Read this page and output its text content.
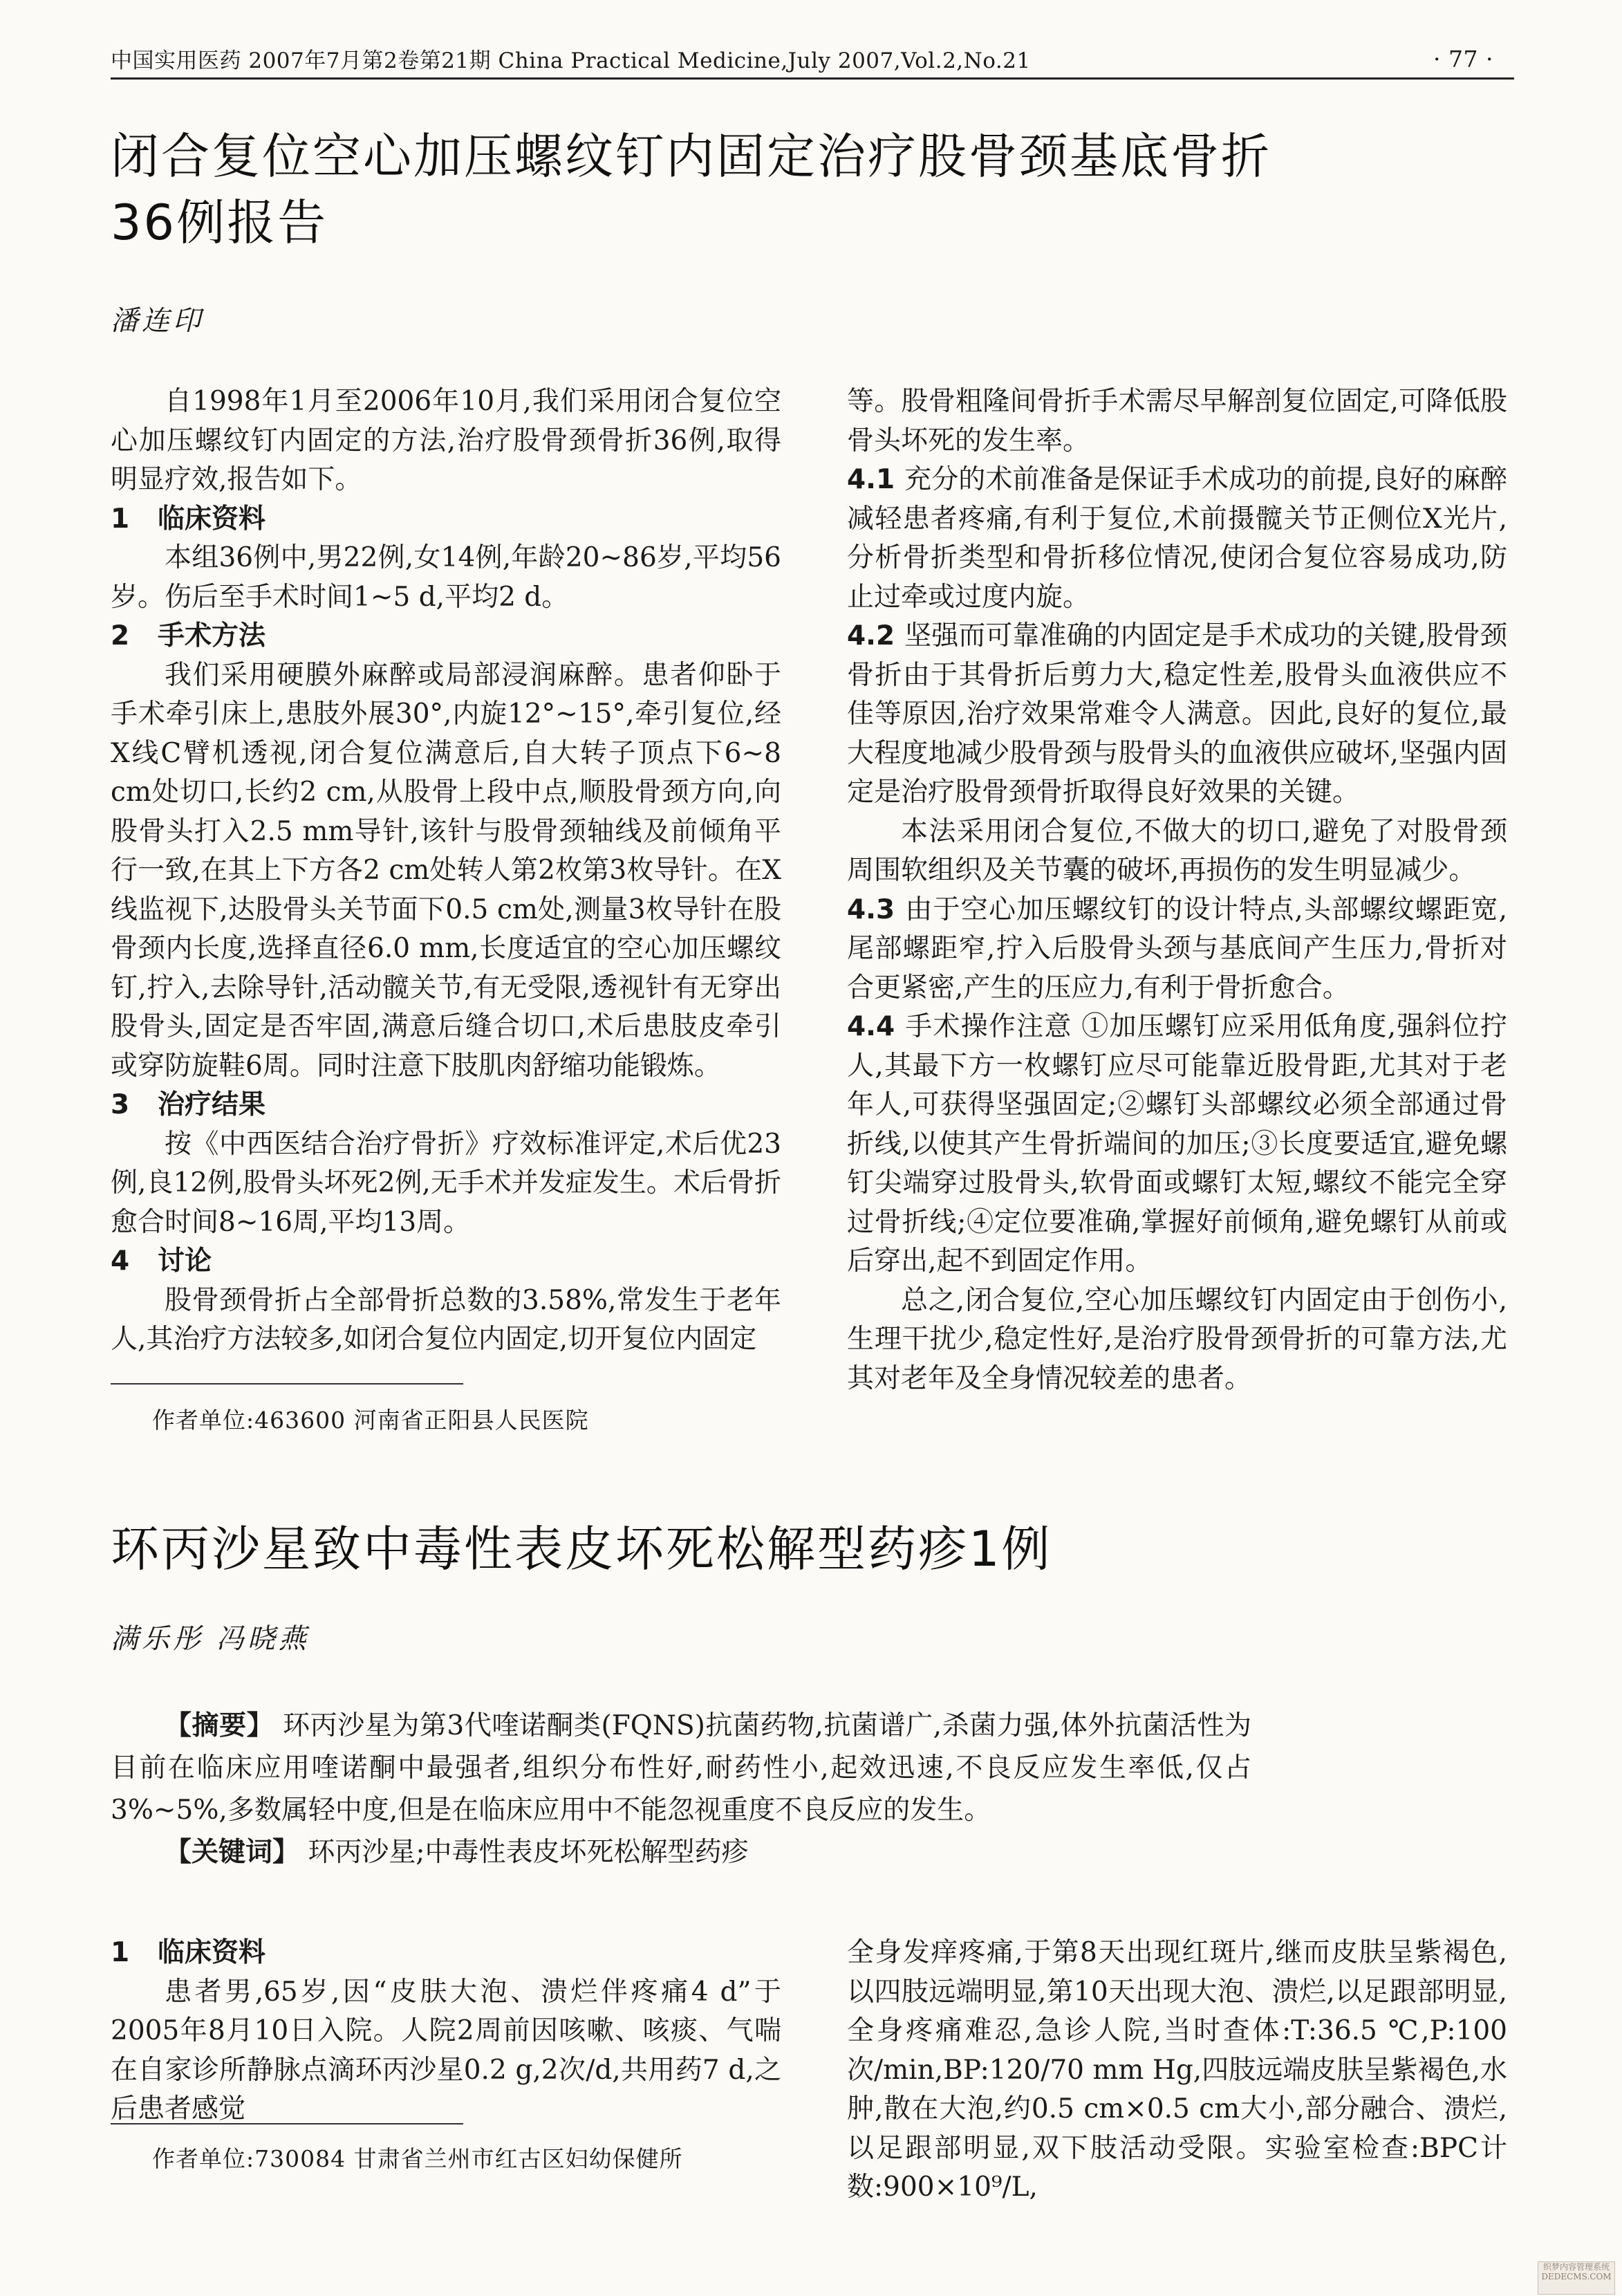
中国实用医药 2007年7月第2卷第21期 China Practical Medicine,July 2007,Vol.2,No.21	· 77 ·
闭合复位空心加压螺纹钉内固定治疗股骨颈基底骨折
36例报告
潘连印

自1998年1月至2006年10月,我们采用闭合复位空心加压螺纹钉内固定的方法,治疗股骨颈骨折36例,取得明显疗效,报告如下。

1 临床资料

本组36例中,男22例,女14例,年龄20~86岁,平均56岁。伤后至手术时间1~5 d,平均2 d。

2 手术方法

我们采用硬膜外麻醉或局部浸润麻醉。患者仰卧于手术牵引床上,患肢外展30°,内旋12°~15°,牵引复位,经X线C臂机透视,闭合复位满意后,自大转子顶点下6~8 cm处切口,长约2 cm,从股骨上段中点,顺股骨颈方向,向股骨头打入2.5 mm导针,该针与股骨颈轴线及前倾角平行一致,在其上下方各2 cm处转人第2枚第3枚导针。在X线监视下,达股骨头关节面下0.5 cm处,测量3枚导针在股骨颈内长度,选择直径6.0 mm,长度适宜的空心加压螺纹钉,拧入,去除导针,活动髋关节,有无受限,透视针有无穿出股骨头,固定是否牢固,满意后缝合切口,术后患肢皮牵引或穿防旋鞋6周。同时注意下肢肌肉舒缩功能锻炼。

3 治疗结果

按《中西医结合治疗骨折》疗效标准评定,术后优23例,良12例,股骨头坏死2例,无手术并发症发生。术后骨折愈合时间8~16周,平均13周。

4 讨论

股骨颈骨折占全部骨折总数的3.58%,常发生于老年人,其治疗方法较多,如闭合复位内固定,切开复位内固定

等。股骨粗隆间骨折手术需尽早解剖复位固定,可降低股骨头坏死的发生率。

4.1 充分的术前准备是保证手术成功的前提,良好的麻醉减轻患者疼痛,有利于复位,术前摄髋关节正侧位X光片,分析骨折类型和骨折移位情况,使闭合复位容易成功,防止过牵或过度内旋。

4.2 坚强而可靠准确的内固定是手术成功的关键,股骨颈骨折由于其骨折后剪力大,稳定性差,股骨头血液供应不佳等原因,治疗效果常难令人满意。因此,良好的复位,最大程度地减少股骨颈与股骨头的血液供应破坏,坚强内固定是治疗股骨颈骨折取得良好效果的关键。

本法采用闭合复位,不做大的切口,避免了对股骨颈周围软组织及关节囊的破坏,再损伤的发生明显减少。

4.3 由于空心加压螺纹钉的设计特点,头部螺纹螺距宽,尾部螺距窄,拧入后股骨头颈与基底间产生压力,骨折对合更紧密,产生的压应力,有利于骨折愈合。

4.4 手术操作注意 ①加压螺钉应采用低角度,强斜位拧人,其最下方一枚螺钉应尽可能靠近股骨距,尤其对于老年人,可获得坚强固定;②螺钉头部螺纹必须全部通过骨折线,以使其产生骨折端间的加压;③长度要适宜,避免螺钉尖端穿过股骨头,软骨面或螺钉太短,螺纹不能完全穿过骨折线;④定位要准确,掌握好前倾角,避免螺钉从前或后穿出,起不到固定作用。

总之,闭合复位,空心加压螺纹钉内固定由于创伤小,生理干扰少,稳定性好,是治疗股骨颈骨折的可靠方法,尤其对老年及全身情况较差的患者。

作者单位:463600 河南省正阳县人民医院
环丙沙星致中毒性表皮坏死松解型药疹1例
满乐彤 冯晓燕

【摘要】 环丙沙星为第3代喹诺酮类(FQNS)抗菌药物,抗菌谱广,杀菌力强,体外抗菌活性为目前在临床应用喹诺酮中最强者,组织分布性好,耐药性小,起效迅速,不良反应发生率低,仅占3%~5%,多数属轻中度,但是在临床应用中不能忽视重度不良反应的发生。

【关键词】 环丙沙星;中毒性表皮坏死松解型药疹

1 临床资料

患者男,65岁,因“皮肤大泡、溃烂伴疼痛4 d”于2005年8月10日入院。人院2周前因咳嗽、咳痰、气喘在自家诊所静脉点滴环丙沙星0.2 g,2次/d,共用药7 d,之后患者感觉

全身发痒疼痛,于第8天出现红斑片,继而皮肤呈紫褐色,以四肢远端明显,第10天出现大泡、溃烂,以足跟部明显,全身疼痛难忍,急诊人院,当时查体:T:36.5 ℃,P:100次/min,BP:120/70 mm Hg,四肢远端皮肤呈紫褐色,水肿,散在大泡,约0.5 cm×0.5 cm大小,部分融合、溃烂,以足跟部明显,双下肢活动受限。实验室检查:BPC计数:900×10⁹/L,

作者单位:730084 甘肃省兰州市红古区妇幼保健所
织梦内容管理系统 DEDECMS.COM
